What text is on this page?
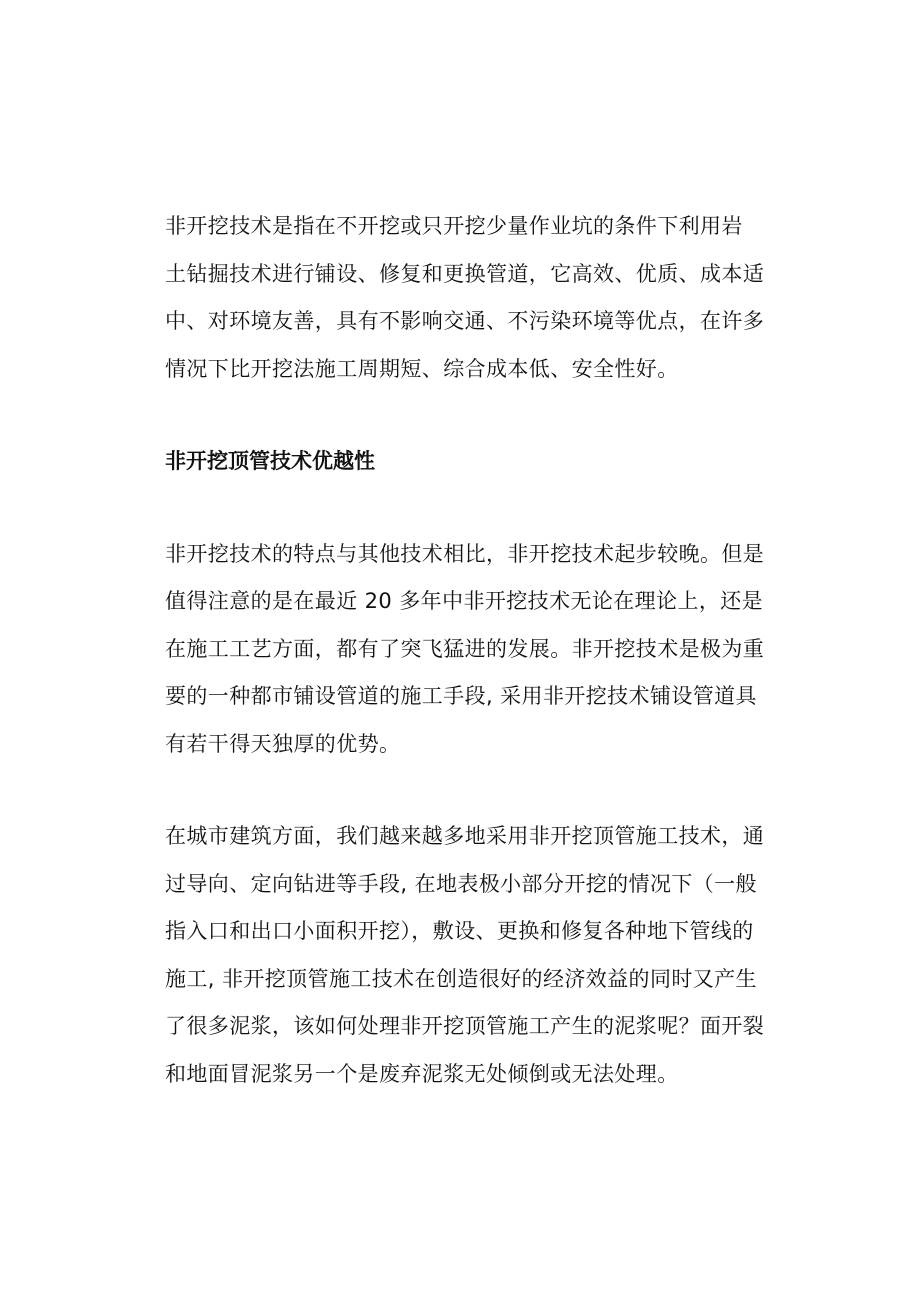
非开挖技术是指在不开挖或只开挖少量作业坑的条件下利用岩
土钻掘技术进行铺设、修复和更换管道，它高效、优质、成本适
中、对环境友善，具有不影响交通、不污染环境等优点，在许多
情况下比开挖法施工周期短、综合成本低、安全性好。

非开挖顶管技术优越性

非开挖技术的特点与其他技术相比，非开挖技术起步较晚。但是
值得注意的是在最近 20 多年中非开挖技术无论在理论上，还是
在施工工艺方面，都有了突飞猛进的发展。非开挖技术是极为重
要的一种都市铺设管道的施工手段, 采用非开挖技术铺设管道具
有若干得天独厚的优势。

在城市建筑方面，我们越来越多地采用非开挖顶管施工技术，通
过导向、定向钻进等手段, 在地表极小部分开挖的情况下（一般
指入口和出口小面积开挖），敷设、更换和修复各种地下管线的
施工, 非开挖顶管施工技术在创造很好的经济效益的同时又产生
了很多泥浆，该如何处理非开挖顶管施工产生的泥浆呢？面开裂
和地面冒泥浆另一个是废弃泥浆无处倾倒或无法处理。
